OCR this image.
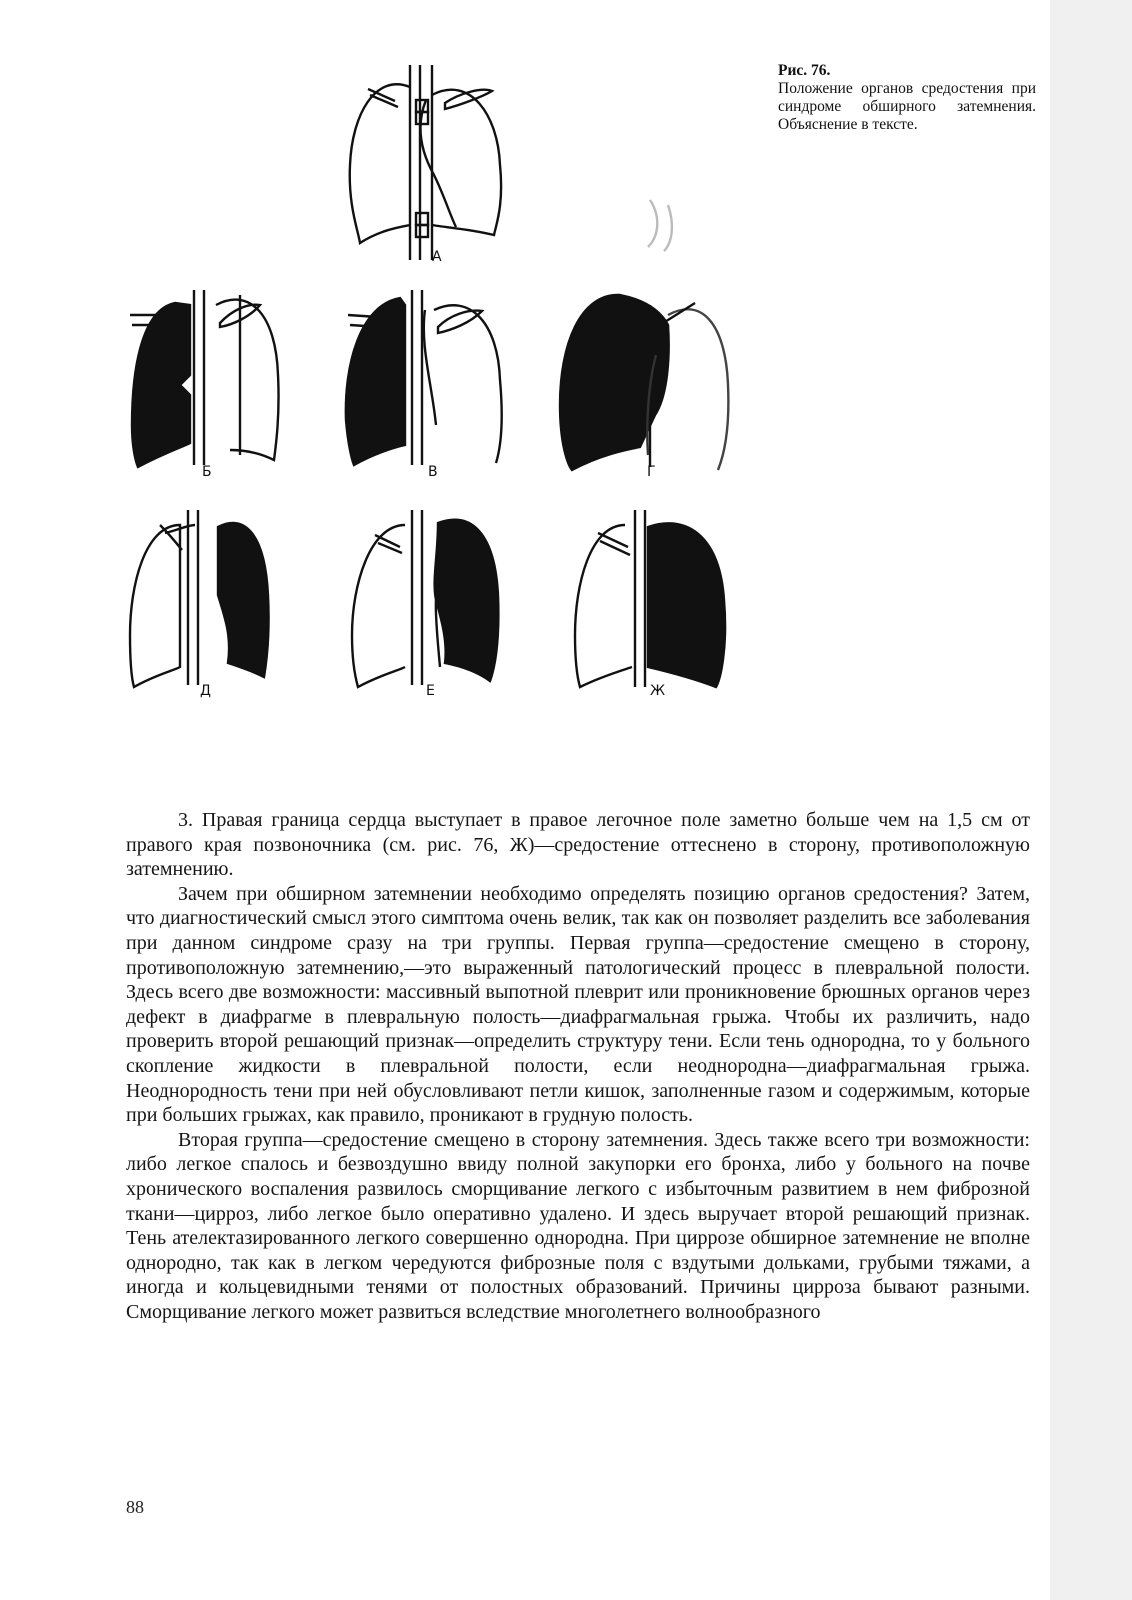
А
Б	В	Г
Д	Е	Ж
Рис. 76.
Положение органов средостения при синдроме обширного затемнения. Объяснение в тексте.

3. Правая граница сердца выступает в правое легочное поле заметно больше чем на 1,5 см от правого края позвоночника (см. рис. 76, Ж)—средостение оттеснено в сторону, противоположную затемнению.

Зачем при обширном затемнении необходимо определять позицию органов средостения? Затем, что диагностический смысл этого симптома очень велик, так как он позволяет разделить все заболевания при данном синдроме сразу на три группы. Первая группа—средостение смещено в сторону, противоположную затемнению,—это выраженный патологический процесс в плевральной полости. Здесь всего две возможности: массивный выпотной плеврит или проникновение брюшных органов через дефект в диафрагме в плевральную полость—диафрагмальная грыжа. Чтобы их различить, надо проверить второй решающий признак—определить структуру тени. Если тень однородна, то у больного скопление жидкости в плевральной полости, если неоднородна—диафрагмальная грыжа. Неоднородность тени при ней обусловливают петли кишок, заполненные газом и содержимым, которые при больших грыжах, как правило, проникают в грудную полость.

Вторая группа—средостение смещено в сторону затемнения. Здесь также всего три возможности: либо легкое спалось и безвоздушно ввиду полной закупорки его бронха, либо у больного на почве хронического воспаления развилось сморщивание легкого с избыточным развитием в нем фиброзной ткани—цирроз, либо легкое было оперативно удалено. И здесь выручает второй решающий признак. Тень ателектазированного легкого совершенно однородна. При циррозе обширное затемнение не вполне однородно, так как в легком чередуются фиброзные поля с вздутыми дольками, грубыми тяжами, а иногда и кольцевидными тенями от полостных образований. Причины цирроза бывают разными. Сморщивание легкого может развиться вследствие многолетнего волнообразного

88
